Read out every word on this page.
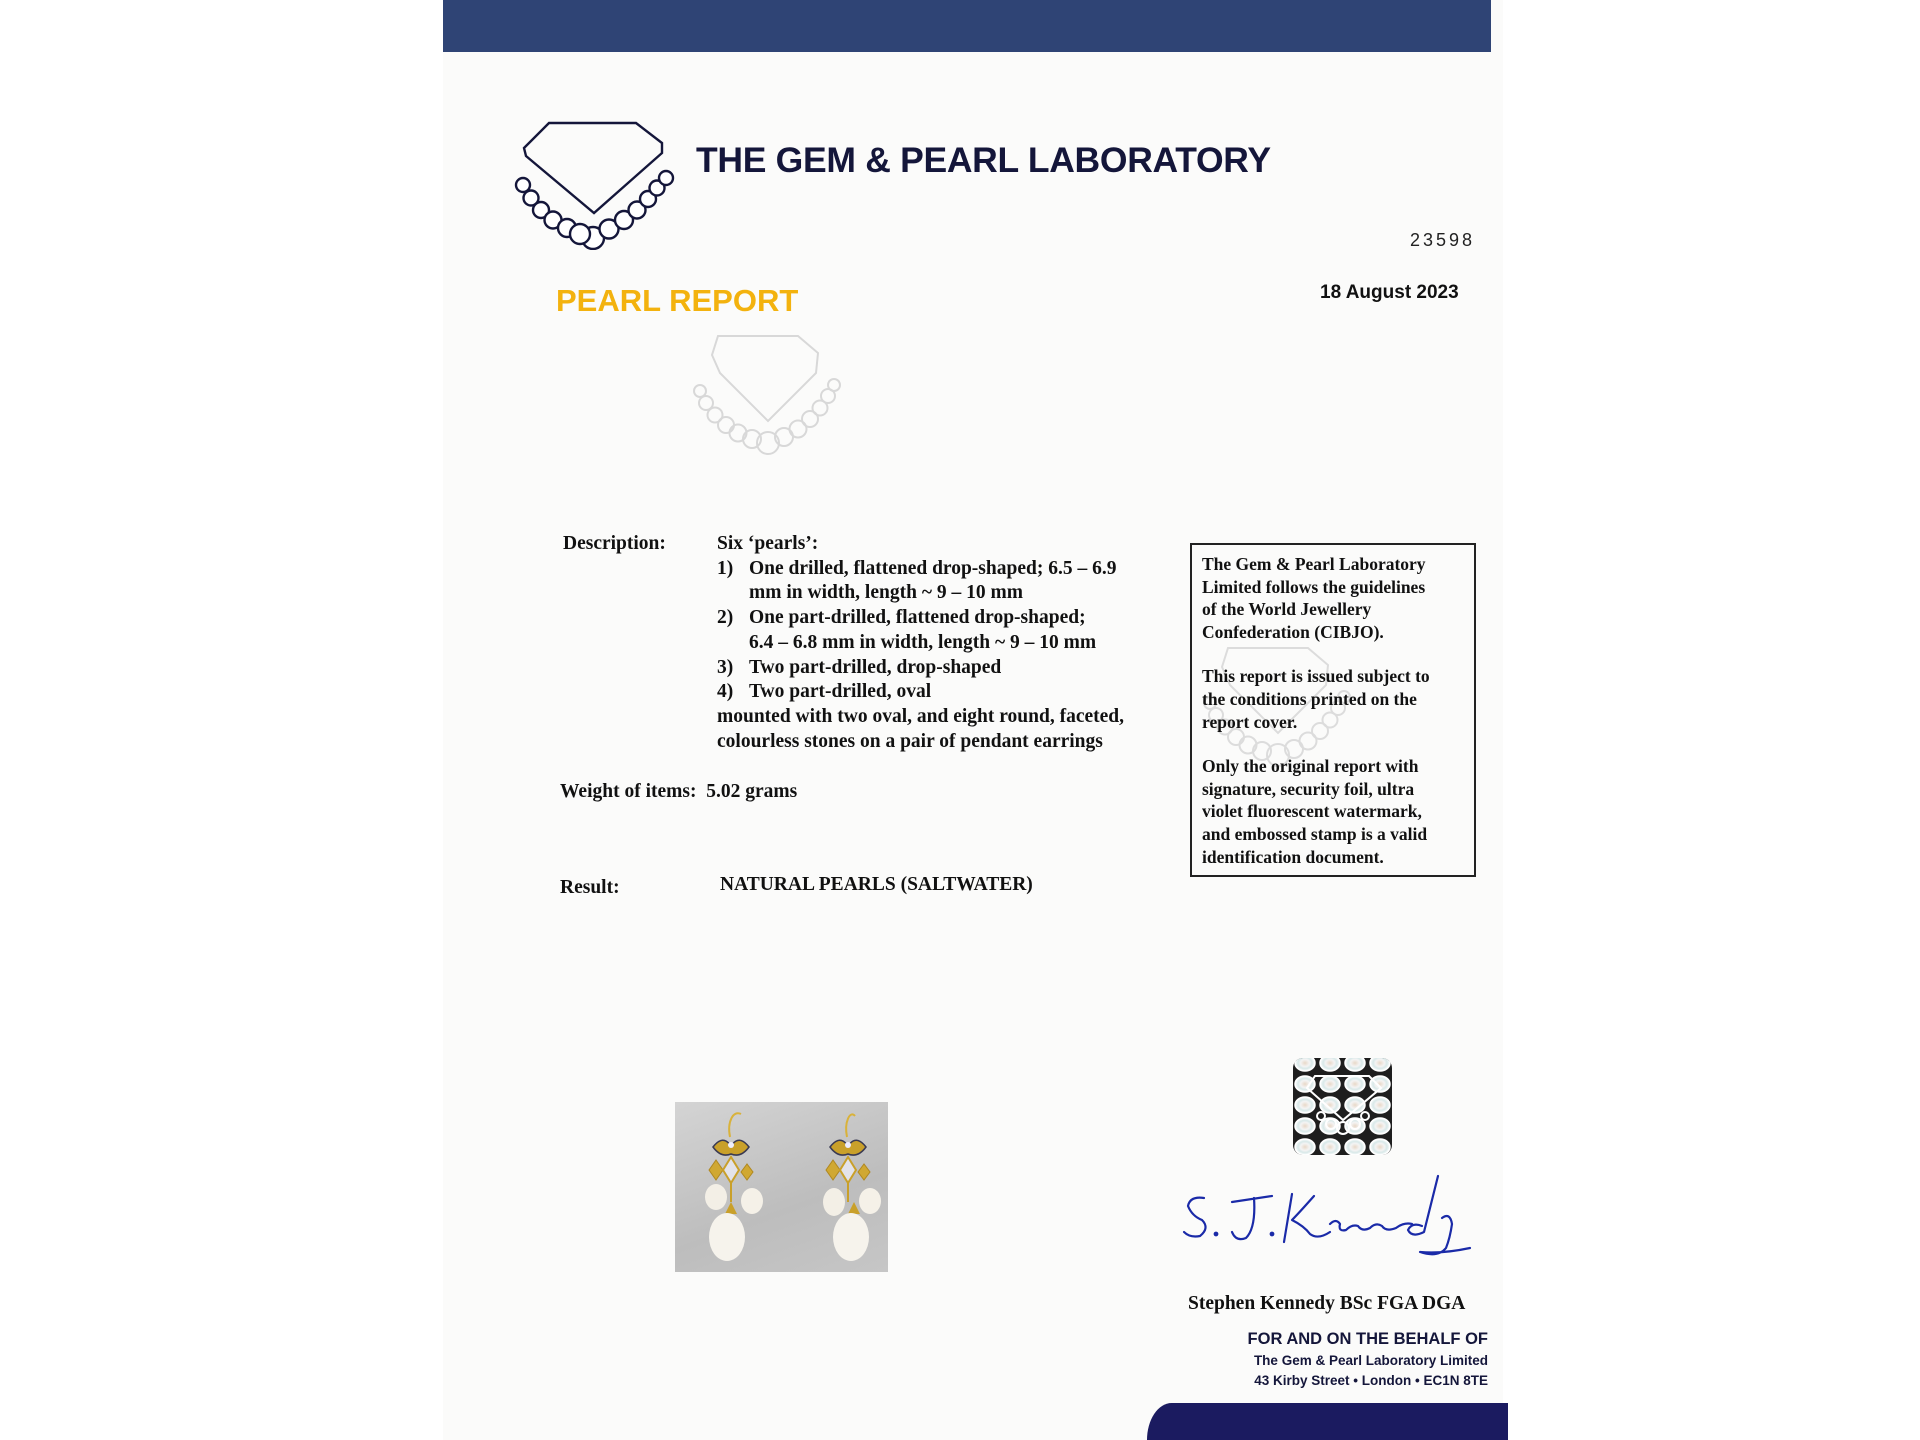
THE GEM & PEARL LABORATORY
23598
PEARL REPORT	18 August 2023
Description:	Six ‘pearls’:
1) One drilled, flattened drop-shaped; 6.5 – 6.9
mm in width, length ~ 9 – 10 mm
2) One part-drilled, flattened drop-shaped;
6.4 – 6.8 mm in width, length ~ 9 – 10 mm
3) Two part-drilled, drop-shaped
4) Two part-drilled, oval
mounted with two oval, and eight round, faceted,
colourless stones on a pair of pendant earrings
Weight of items:  5.02 grams
Result:	NATURAL PEARLS (SALTWATER)

The Gem & Pearl Laboratory
Limited follows the guidelines
of the World Jewellery
Confederation (CIBJO).

This report is issued subject to
the conditions printed on the
report cover.

Only the original report with
signature, security foil, ultra
violet fluorescent watermark,
and embossed stamp is a valid
identification document.

Stephen Kennedy BSc FGA DGA
FOR AND ON THE BEHALF OF
The Gem & Pearl Laboratory Limited
43 Kirby Street • London • EC1N 8TE
